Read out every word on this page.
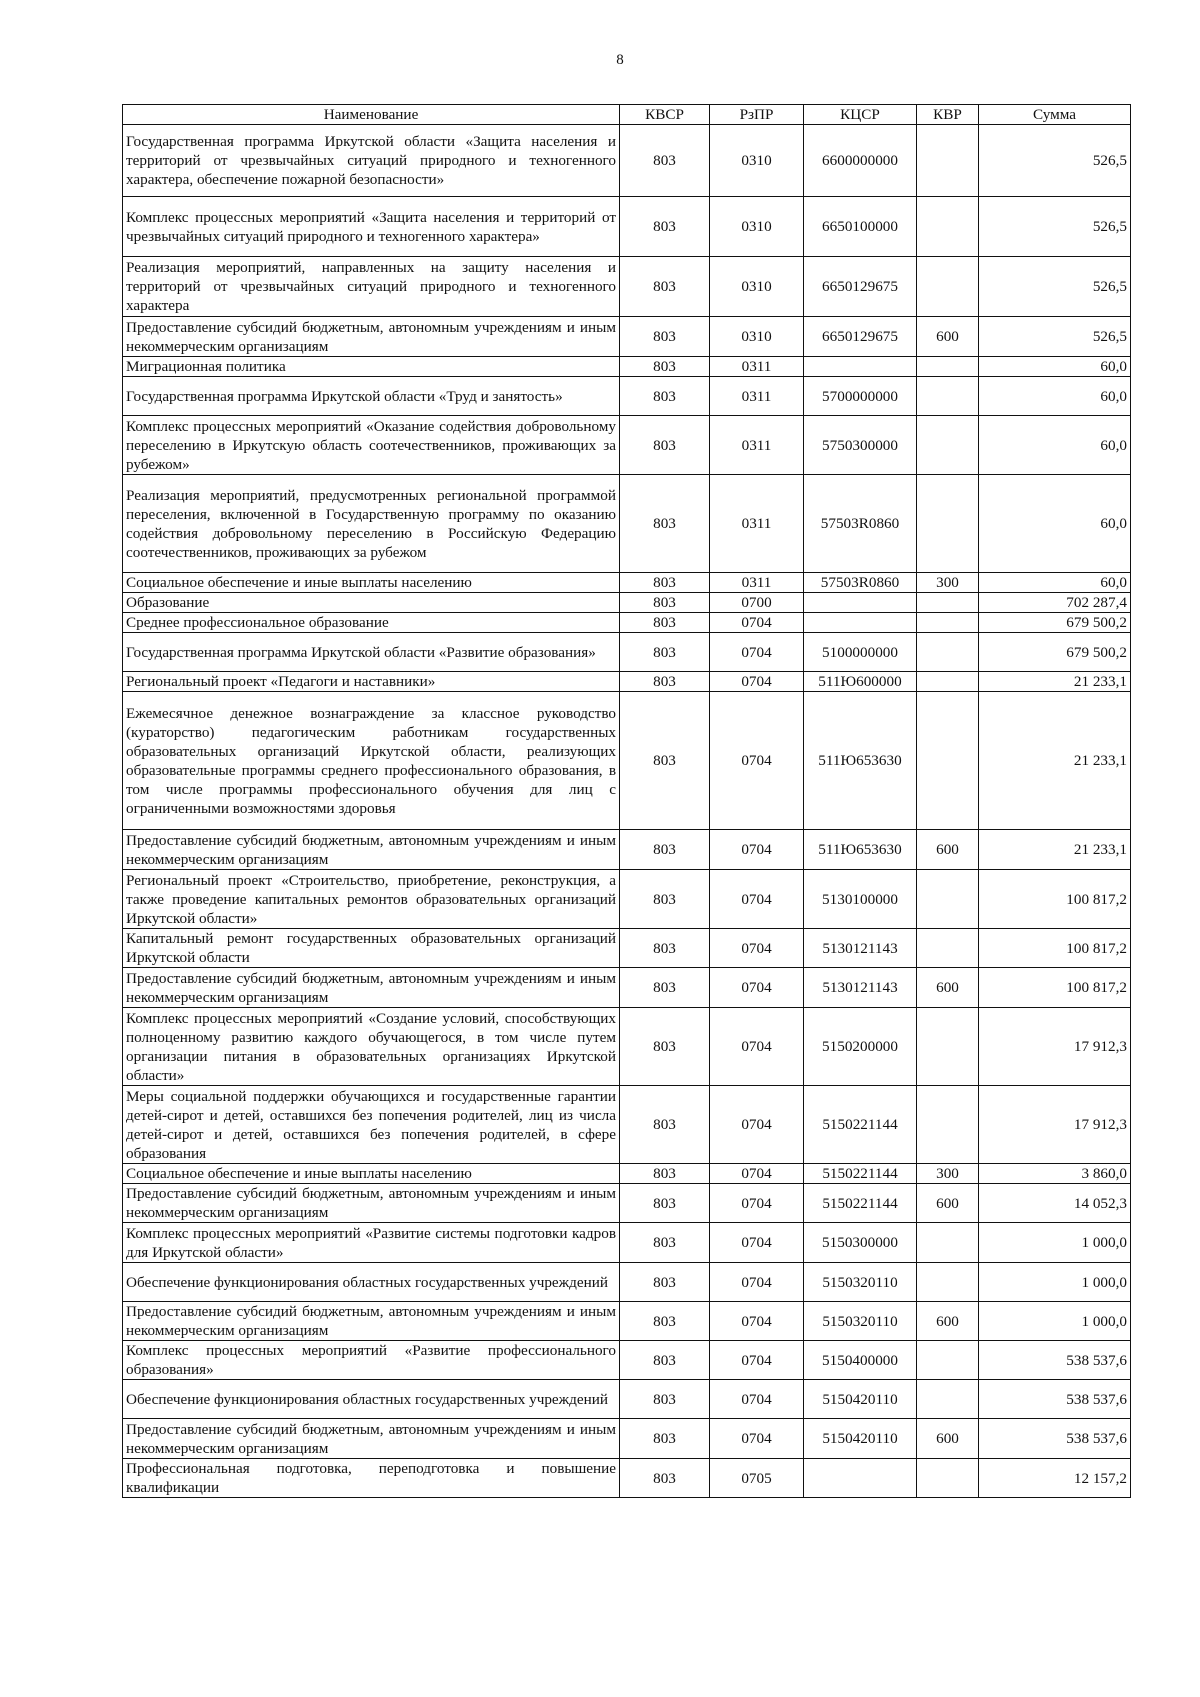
8
Наименование	КВСР	РзПР	КЦСР	КВР	Сумма
Государственная программа Иркутской области «Защита населения и территорий от чрезвычайных ситуаций природного и техногенного характера, обеспечение пожарной безопасности»	803	0310	6600000000		526,5
Комплекс процессных мероприятий «Защита населения и территорий от чрезвычайных ситуаций природного и техногенного характера»	803	0310	6650100000		526,5
Реализация мероприятий, направленных на защиту населения и территорий от чрезвычайных ситуаций природного и техногенного характера	803	0310	6650129675		526,5
Предоставление субсидий бюджетным, автономным учреждениям и иным некоммерческим организациям	803	0310	6650129675	600	526,5
Миграционная политика	803	0311			60,0
Государственная программа Иркутской области «Труд и занятость»	803	0311	5700000000		60,0
Комплекс процессных мероприятий «Оказание содействия добровольному переселению в Иркутскую область соотечественников, проживающих за рубежом»	803	0311	5750300000		60,0
Реализация мероприятий, предусмотренных региональной программой переселения, включенной в Государственную программу по оказанию содействия добровольному переселению в Российскую Федерацию соотечественников, проживающих за рубежом	803	0311	57503R0860		60,0
Социальное обеспечение и иные выплаты населению	803	0311	57503R0860	300	60,0
Образование	803	0700			702 287,4
Среднее профессиональное образование	803	0704			679 500,2
Государственная программа Иркутской области «Развитие образования»	803	0704	5100000000		679 500,2
Региональный проект «Педагоги и наставники»	803	0704	511Ю600000		21 233,1
Ежемесячное денежное вознаграждение за классное руководство (кураторство) педагогическим работникам государственных образовательных организаций Иркутской области, реализующих образовательные программы среднего профессионального образования, в том числе программы профессионального обучения для лиц с ограниченными возможностями здоровья	803	0704	511Ю653630		21 233,1
Предоставление субсидий бюджетным, автономным учреждениям и иным некоммерческим организациям	803	0704	511Ю653630	600	21 233,1
Региональный проект «Строительство, приобретение, реконструкция, а также проведение капитальных ремонтов образовательных организаций Иркутской области»	803	0704	5130100000		100 817,2
Капитальный ремонт государственных образовательных организаций Иркутской области	803	0704	5130121143		100 817,2
Предоставление субсидий бюджетным, автономным учреждениям и иным некоммерческим организациям	803	0704	5130121143	600	100 817,2
Комплекс процессных мероприятий «Создание условий, способствующих полноценному развитию каждого обучающегося, в том числе путем организации питания в образовательных организациях Иркутской области»	803	0704	5150200000		17 912,3
Меры социальной поддержки обучающихся и государственные гарантии детей-сирот и детей, оставшихся без попечения родителей, лиц из числа детей-сирот и детей, оставшихся без попечения родителей, в сфере образования	803	0704	5150221144		17 912,3
Социальное обеспечение и иные выплаты населению	803	0704	5150221144	300	3 860,0
Предоставление субсидий бюджетным, автономным учреждениям и иным некоммерческим организациям	803	0704	5150221144	600	14 052,3
Комплекс процессных мероприятий «Развитие системы подготовки кадров для Иркутской области»	803	0704	5150300000		1 000,0
Обеспечение функционирования областных государственных учреждений	803	0704	5150320110		1 000,0
Предоставление субсидий бюджетным, автономным учреждениям и иным некоммерческим организациям	803	0704	5150320110	600	1 000,0
Комплекс процессных мероприятий «Развитие профессионального образования»	803	0704	5150400000		538 537,6
Обеспечение функционирования областных государственных учреждений	803	0704	5150420110		538 537,6
Предоставление субсидий бюджетным, автономным учреждениям и иным некоммерческим организациям	803	0704	5150420110	600	538 537,6
Профессиональная подготовка, переподготовка и повышение квалификации	803	0705			12 157,2
